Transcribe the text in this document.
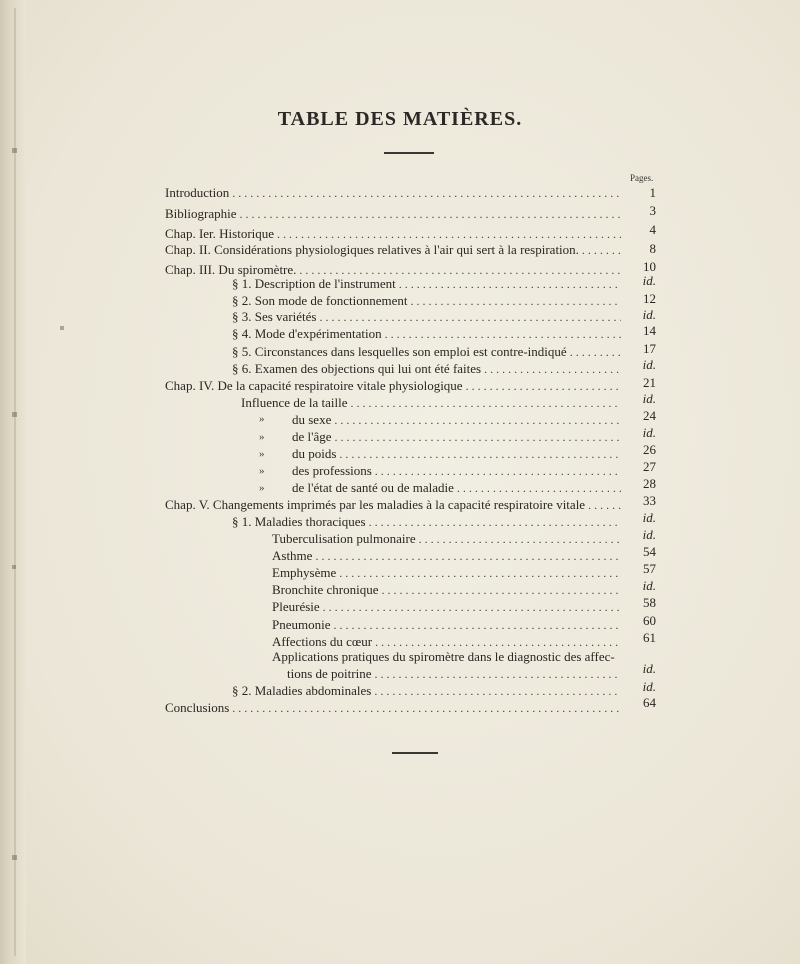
TABLE DES MATIÈRES.
Pages.
Introduction . . .	1
Bibliographie . . .	3
Chap. Ier. Historique . . .	4
Chap. II. Considérations physiologiques relatives à l'air qui sert à la respiration. . . .	8
Chap. III. Du spiromètre. . . .	10
§ 1. Description de l'instrument . . .	id.
§ 2. Son mode de fonctionnement . . .	12
§ 3. Ses variétés . . .	id.
§ 4. Mode d'expérimentation . . .	14
§ 5. Circonstances dans lesquelles son emploi est contre-indiqué . . .	17
§ 6. Examen des objections qui lui ont été faites . . .	id.
Chap. IV. De la capacité respiratoire vitale physiologique . . .	21
Influence de la taille . . .	id.
» du sexe . . .	24
» de l'âge . . .	id.
» du poids . . .	26
» des professions . . .	27
» de l'état de santé ou de maladie . . .	28
Chap. V. Changements imprimés par les maladies à la capacité respiratoire vitale . . .	33
§ 1. Maladies thoraciques . . .	id.
Tuberculisation pulmonaire . . .	id.
Asthme . . .	54
Emphysème . . .	57
Bronchite chronique . . .	id.
Pleurésie . . .	58
Pneumonie . . .	60
Affections du cœur . . .	61
Applications pratiques du spiromètre dans le diagnostic des affec-
tions de poitrine . . .	id.
§ 2. Maladies abdominales . . .	id.
Conclusions . . .	64
